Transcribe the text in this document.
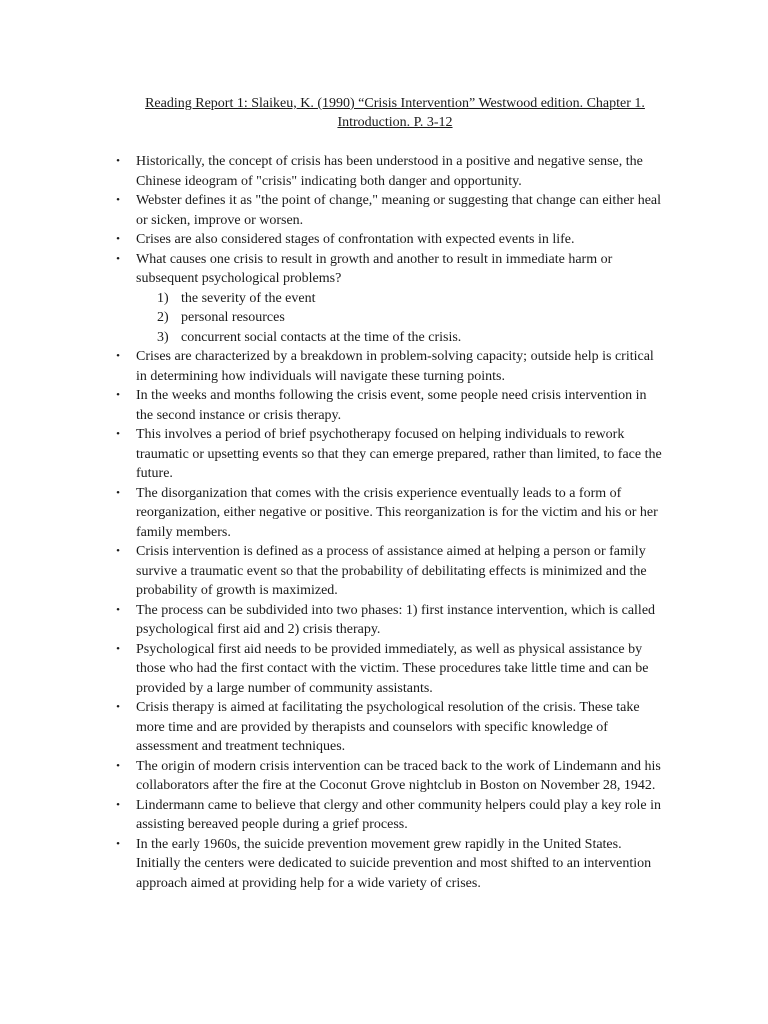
Reading Report 1: Slaikeu, K. (1990) “Crisis Intervention” Westwood edition. Chapter 1.
Introduction. P. 3-12
• Historically, the concept of crisis has been understood in a positive and negative sense, the Chinese ideogram of "crisis" indicating both danger and opportunity.
• Webster defines it as "the point of change," meaning or suggesting that change can either heal or sicken, improve or worsen.
• Crises are also considered stages of confrontation with expected events in life.
• What causes one crisis to result in growth and another to result in immediate harm or subsequent psychological problems?
1) the severity of the event
2) personal resources
3) concurrent social contacts at the time of the crisis.
• Crises are characterized by a breakdown in problem-solving capacity; outside help is critical in determining how individuals will navigate these turning points.
• In the weeks and months following the crisis event, some people need crisis intervention in the second instance or crisis therapy.
• This involves a period of brief psychotherapy focused on helping individuals to rework traumatic or upsetting events so that they can emerge prepared, rather than limited, to face the future.
• The disorganization that comes with the crisis experience eventually leads to a form of reorganization, either negative or positive. This reorganization is for the victim and his or her family members.
• Crisis intervention is defined as a process of assistance aimed at helping a person or family survive a traumatic event so that the probability of debilitating effects is minimized and the probability of growth is maximized.
• The process can be subdivided into two phases: 1) first instance intervention, which is called psychological first aid and 2) crisis therapy.
• Psychological first aid needs to be provided immediately, as well as physical assistance by those who had the first contact with the victim. These procedures take little time and can be provided by a large number of community assistants.
• Crisis therapy is aimed at facilitating the psychological resolution of the crisis. These take more time and are provided by therapists and counselors with specific knowledge of assessment and treatment techniques.
• The origin of modern crisis intervention can be traced back to the work of Lindemann and his collaborators after the fire at the Coconut Grove nightclub in Boston on November 28, 1942.
• Lindermann came to believe that clergy and other community helpers could play a key role in assisting bereaved people during a grief process.
• In the early 1960s, the suicide prevention movement grew rapidly in the United States. Initially the centers were dedicated to suicide prevention and most shifted to an intervention approach aimed at providing help for a wide variety of crises.
